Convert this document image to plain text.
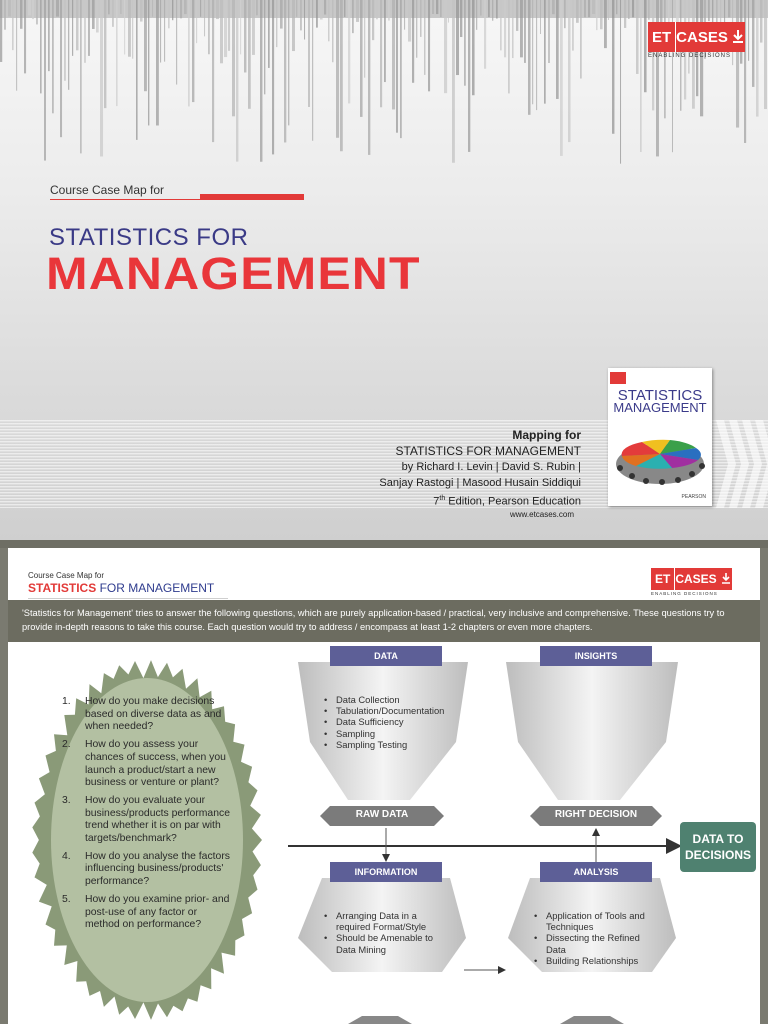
ET CASES
ENABLING DECISIONS
Course Case Map for
STATISTICS FOR
MANAGEMENT
Mapping for
STATISTICS FOR MANAGEMENT
by Richard I. Levin | David S. Rubin |
Sanjay Rastogi | Masood Husain Siddiqui
7th Edition, Pearson Education
www.etcases.com
STATISTICS
MANAGEMENT
PEARSON
Course Case Map for
STATISTICS FOR MANAGEMENT
ET CASES
ENABLING DECISIONS
'Statistics for Management' tries to answer the following questions, which are purely application-based / practical, very inclusive and comprehensive. These questions try to provide in-depth reasons to take this course. Each question would try to address / encompass at least 1-2 chapters or even more chapters.
1.	How do you make decisions based on diverse data as and when needed?
2.	How do you assess your chances of success, when you launch a product/start a new business or venture or plant?
3.	How do you evaluate your business/products performance trend whether it is on par with targets/benchmark?
4.	How do you analyse the factors influencing business/products' performance?
5.	How do you examine prior- and post-use of any factor or method on performance?
DATA
• Data Collection
• Tabulation/Documentation
• Data Sufficiency
• Sampling
• Sampling Testing
INSIGHTS
RAW DATA	RIGHT DECISION
INFORMATION
• Arranging Data in a required Format/Style
• Should be Amenable to Data Mining
ANALYSIS
• Application of Tools and Techniques
• Dissecting the Refined Data
• Building Relationships
DATA TO
DECISIONS
